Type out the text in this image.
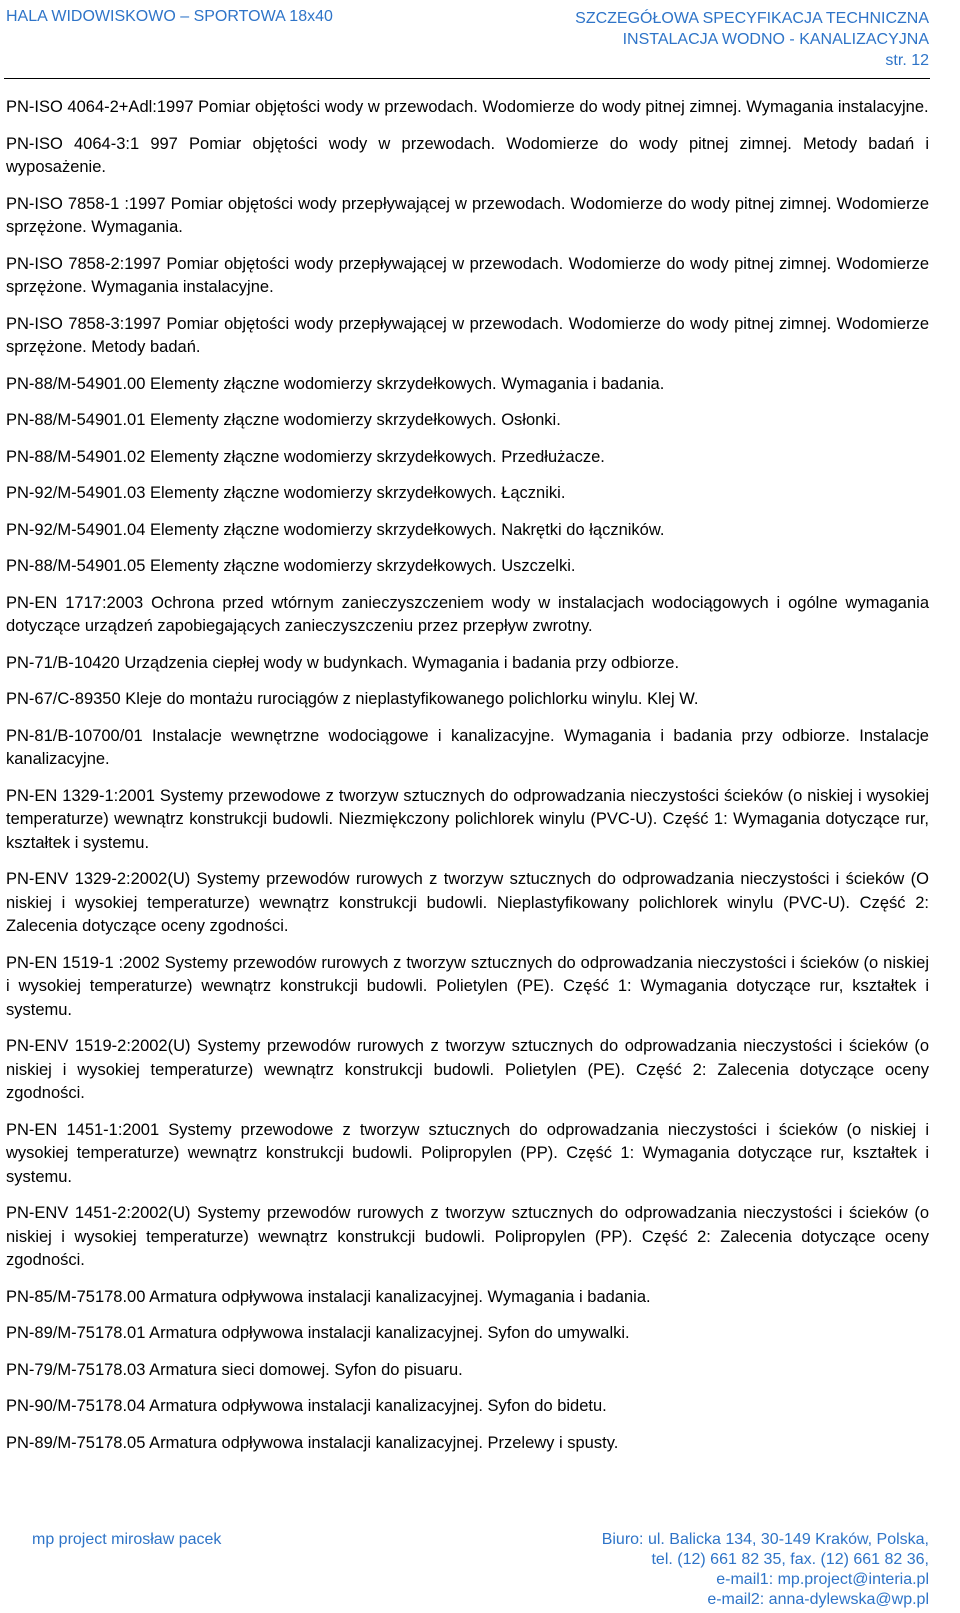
HALA WIDOWISKOWO – SPORTOWA 18x40	SZCZEGÓŁOWA SPECYFIKACJA TECHNICZNA
INSTALACJA WODNO - KANALIZACYJNA
str. 12

PN-ISO 4064-2+Adl:1997 Pomiar objętości wody w przewodach. Wodomierze do wody pitnej zimnej. Wymagania instalacyjne.

PN-ISO 4064-3:1 997 Pomiar objętości wody w przewodach. Wodomierze do wody pitnej zimnej. Metody badań i wyposażenie.

PN-ISO 7858-1 :1997 Pomiar objętości wody przepływającej w przewodach. Wodomierze do wody pitnej zimnej. Wodomierze sprzężone. Wymagania.

PN-ISO 7858-2:1997 Pomiar objętości wody przepływającej w przewodach. Wodomierze do wody pitnej zimnej. Wodomierze sprzężone. Wymagania instalacyjne.

PN-ISO 7858-3:1997 Pomiar objętości wody przepływającej w przewodach. Wodomierze do wody pitnej zimnej. Wodomierze sprzężone. Metody badań.

PN-88/M-54901.00 Elementy złączne wodomierzy skrzydełkowych. Wymagania i badania.

PN-88/M-54901.01 Elementy złączne wodomierzy skrzydełkowych. Osłonki.

PN-88/M-54901.02 Elementy złączne wodomierzy skrzydełkowych. Przedłużacze.

PN-92/M-54901.03 Elementy złączne wodomierzy skrzydełkowych. Łączniki.

PN-92/M-54901.04 Elementy złączne wodomierzy skrzydełkowych. Nakrętki do łączników.

PN-88/M-54901.05 Elementy złączne wodomierzy skrzydełkowych. Uszczelki.

PN-EN 1717:2003 Ochrona przed wtórnym zanieczyszczeniem wody w instalacjach wodociągowych i ogólne wymagania dotyczące urządzeń zapobiegających zanieczyszczeniu przez przepływ zwrotny.

PN-71/B-10420 Urządzenia ciepłej wody w budynkach. Wymagania i badania przy odbiorze.

PN-67/C-89350 Kleje do montażu rurociągów z nieplastyfikowanego polichlorku winylu. Klej W.

PN-81/B-10700/01 Instalacje wewnętrzne wodociągowe i kanalizacyjne. Wymagania i badania przy odbiorze. Instalacje kanalizacyjne.

PN-EN 1329-1:2001 Systemy przewodowe z tworzyw sztucznych do odprowadzania nieczystości ścieków (o niskiej i wysokiej temperaturze) wewnątrz konstrukcji budowli. Niezmiękczony polichlorek winylu (PVC-U). Część 1: Wymagania dotyczące rur, kształtek i systemu.

PN-ENV 1329-2:2002(U) Systemy przewodów rurowych z tworzyw sztucznych do odprowadzania nieczystości i ścieków (O niskiej i wysokiej temperaturze) wewnątrz konstrukcji budowli. Nieplastyfikowany polichlorek winylu (PVC-U). Część 2: Zalecenia dotyczące oceny zgodności.

PN-EN 1519-1 :2002 Systemy przewodów rurowych z tworzyw sztucznych do odprowadzania nieczystości i ścieków (o niskiej i wysokiej temperaturze) wewnątrz konstrukcji budowli. Polietylen (PE). Część 1: Wymagania dotyczące rur, kształtek i systemu.

PN-ENV 1519-2:2002(U) Systemy przewodów rurowych z tworzyw sztucznych do odprowadzania nieczystości i ścieków (o niskiej i wysokiej temperaturze) wewnątrz konstrukcji budowli. Polietylen (PE). Część 2: Zalecenia dotyczące oceny zgodności.

PN-EN 1451-1:2001 Systemy przewodowe z tworzyw sztucznych do odprowadzania nieczystości i ścieków (o niskiej i wysokiej temperaturze) wewnątrz konstrukcji budowli. Polipropylen (PP). Część 1: Wymagania dotyczące rur, kształtek i systemu.

PN-ENV 1451-2:2002(U) Systemy przewodów rurowych z tworzyw sztucznych do odprowadzania nieczystości i ścieków (o niskiej i wysokiej temperaturze) wewnątrz konstrukcji budowli. Polipropylen (PP). Część 2: Zalecenia dotyczące oceny zgodności.

PN-85/M-75178.00 Armatura odpływowa instalacji kanalizacyjnej. Wymagania i badania.

PN-89/M-75178.01 Armatura odpływowa instalacji kanalizacyjnej. Syfon do umywalki.

PN-79/M-75178.03 Armatura sieci domowej. Syfon do pisuaru.

PN-90/M-75178.04 Armatura odpływowa instalacji kanalizacyjnej. Syfon do bidetu.

PN-89/M-75178.05 Armatura odpływowa instalacji kanalizacyjnej. Przelewy i spusty.

mp project mirosław pacek	Biuro: ul. Balicka 134, 30-149 Kraków, Polska,
tel. (12) 661 82 35, fax. (12) 661 82 36,
e-mail1: mp.project@interia.pl
e-mail2: anna-dylewska@wp.pl
